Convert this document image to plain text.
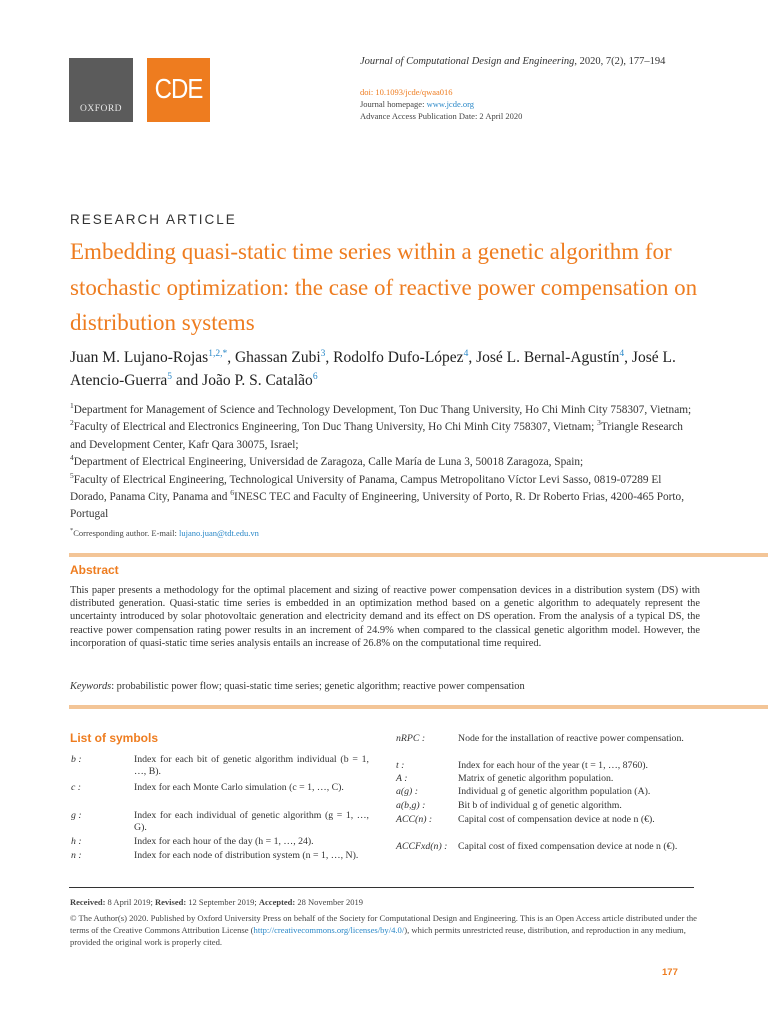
OXFORD
CDE
Journal of Computational Design and Engineering, 2020, 7(2), 177–194
doi: 10.1093/jcde/qwaa016
Journal homepage: www.jcde.org
Advance Access Publication Date: 2 April 2020
RESEARCH ARTICLE
Embedding quasi-static time series within a genetic algorithm for stochastic optimization: the case of reactive power compensation on distribution systems
Juan M. Lujano-Rojas$^{1,2,*}$, Ghassan Zubi$^3$, Rodolfo Dufo-López$^4$, José L. Bernal-Agustín$^4$, José L. Atencio-Guerra$^5$ and João P. S. Catalão$^6$
$^1$Department for Management of Science and Technology Development, Ton Duc Thang University, Ho Chi Minh City 758307, Vietnam; $^2$Faculty of Electrical and Electronics Engineering, Ton Duc Thang University, Ho Chi Minh City 758307, Vietnam; $^3$Triangle Research and Development Center, Kafr Qara 30075, Israel;
$^4$Department of Electrical Engineering, Universidad de Zaragoza, Calle María de Luna 3, 50018 Zaragoza, Spain;
$^5$Faculty of Electrical Engineering, Technological University of Panama, Campus Metropolitano Víctor Levi Sasso, 0819-07289 El Dorado, Panama City, Panama and $^6$INESC TEC and Faculty of Engineering, University of Porto, R. Dr Roberto Frias, 4200-465 Porto, Portugal
*Corresponding author. E-mail: lujano.juan@tdt.edu.vn
Abstract
This paper presents a methodology for the optimal placement and sizing of reactive power compensation devices in a distribution system (DS) with distributed generation. Quasi-static time series is embedded in an optimization method based on a genetic algorithm to adequately represent the uncertainty introduced by solar photovoltaic generation and electricity demand and its effect on DS operation. From the analysis of a typical DS, the reactive power compensation rating power results in an increment of 24.9% when compared to the classical genetic algorithm model. However, the incorporation of quasi-static time series analysis entails an increase of 26.8% on the computational time required.
Keywords: probabilistic power flow; quasi-static time series; genetic algorithm; reactive power compensation
List of symbols
b :	Index for each bit of genetic algorithm individual (b = 1, …, B).
c :	Index for each Monte Carlo simulation (c = 1, …, C).
g :	Index for each individual of genetic algorithm (g = 1, …, G).
h :	Index for each hour of the day (h = 1, …, 24).
n :	Index for each node of distribution system (n = 1, …, N).
nRPC :	Node for the installation of reactive power compensation.
t :	Index for each hour of the year (t = 1, …, 8760).
A :	Matrix of genetic algorithm population.
a(g) :	Individual g of genetic algorithm population (A).
a(b,g) :	Bit b of individual g of genetic algorithm.
ACC(n) :	Capital cost of compensation device at node n (€).
ACCFxd(n) : Capital cost of fixed compensation device at node n (€).
Received: 8 April 2019; Revised: 12 September 2019; Accepted: 28 November 2019
© The Author(s) 2020. Published by Oxford University Press on behalf of the Society for Computational Design and Engineering. This is an Open Access article distributed under the terms of the Creative Commons Attribution License (http://creativecommons.org/licenses/by/4.0/), which permits unrestricted reuse, distribution, and reproduction in any medium, provided the original work is properly cited.
177
